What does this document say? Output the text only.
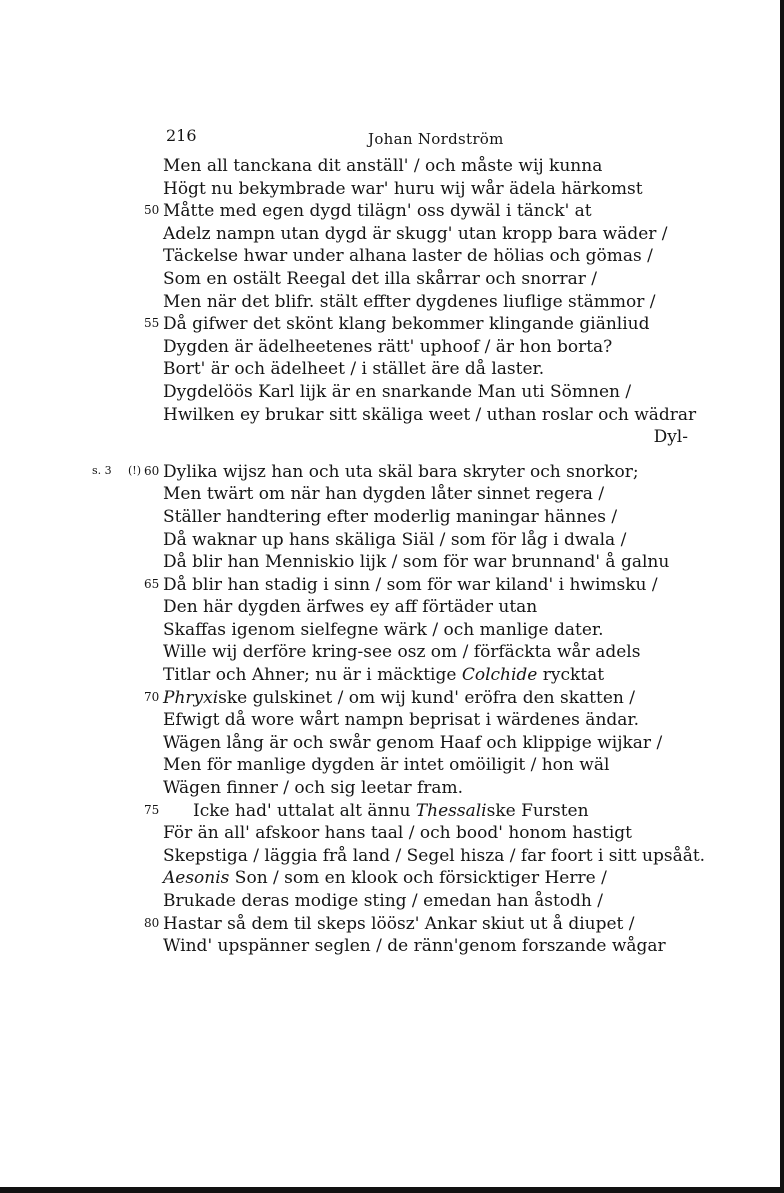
216	Johan Nordström
Men all tanckana dit anställ' / och måste wij kunna
Högt nu bekymbrade war' huru wij wår ädela härkomst
50 Måtte med egen dygd tilägn' oss dywäl i tänck' at
Adelz nampn utan dygd är skugg' utan kropp bara wäder /
Täckelse hwar under alhana laster de hölias och gömas /
Som en ostält Reegal det illa skårrar och snorrar /
Men när det blifr. stält effter dygdenes liuflige stämmor /
55 Då gifwer det skönt klang bekommer klingande giänliud
Dygden är ädelheetenes rätt' uphoof / är hon borta?
Bort' är och ädelheet / i stället äre då laster.
Dygdelöös Karl lijk är en snarkande Man uti Sömnen /
Hwilken ey brukar sitt skäliga weet / uthan roslar och wädrar
Dyl-
s. 3 (!) 60 Dylika wijsz han och uta skäl bara skryter och snorkor;
Men twärt om när han dygden låter sinnet regera /
Ställer handtering efter moderlig maningar hännes /
Då waknar up hans skäliga Siäl / som för låg i dwala /
Då blir han Menniskio lijk / som för war brunnand' å galnu
65 Då blir han stadig i sinn / som för war kiland' i hwimsku /
Den här dygden ärfwes ey aff förtäder utan
Skaffas igenom sielfegne wärk / och manlige dater.
Wille wij derföre kring-see osz om / förfäckta wår adels
Titlar och Ahner; nu är i mäcktige Colchide rycktat
70 Phryxiske gulskinet / om wij kund' eröfra den skatten /
Efwigt då wore wårt nampn beprisat i wärdenes ändar.
Wägen lång är och swår genom Haaf och klippige wijkar /
Men för manlige dygden är intet omöiligit / hon wäl
Wägen finner / och sig leetar fram.
75	Icke had' uttalat alt ännu Thessaliske Fursten
För än all' afskoor hans taal / och bood' honom hastigt
Skepstiga / läggia frå land / Segel hisza / far foort i sitt upsååt.
Aesonis Son / som en klook och försicktiger Herre /
Brukade deras modige sting / emedan han åstodh /
80 Hastar så dem til skeps löösz' Ankar skiut ut å diupet /
Wind' upspänner seglen / de ränn'genom forszande wågar
